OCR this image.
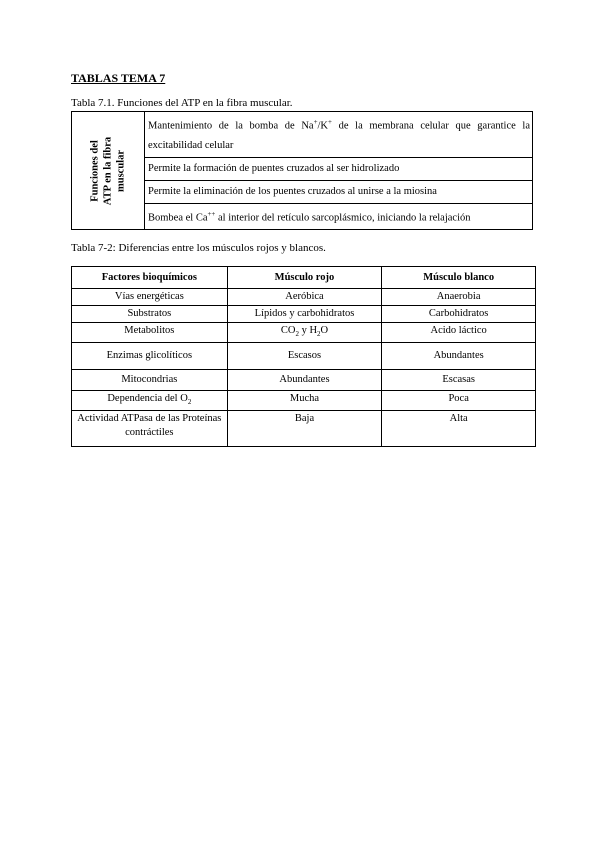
TABLAS TEMA 7
Tabla 7.1. Funciones del ATP en la fibra muscular.
Funciones del ATP en la fibra muscular
	Mantenimiento de la bomba de Na+/K+ de la membrana celular que garantice la excitabilidad celular
Permite la formación de puentes cruzados al ser hidrolizado
Permite la eliminación de los puentes cruzados al unirse a la miosina
Bombea el Ca++ al interior del retículo sarcoplásmico, iniciando la relajación
Tabla 7-2: Diferencias entre los músculos rojos y blancos.
Factores bioquímicos	Músculo rojo	Músculo blanco
Vías energéticas	Aeróbica	Anaerobia
Substratos	Lípidos y carbohidratos	Carbohidratos
Metabolitos	$CO_2$ y $H_2O$	Acido láctico
Enzimas glicolíticos	Escasos	Abundantes
Mitocondrias	Abundantes	Escasas
Dependencia del $O_2$	Mucha	Poca
Actividad ATPasa de las Proteínas contráctiles	Baja	Alta
